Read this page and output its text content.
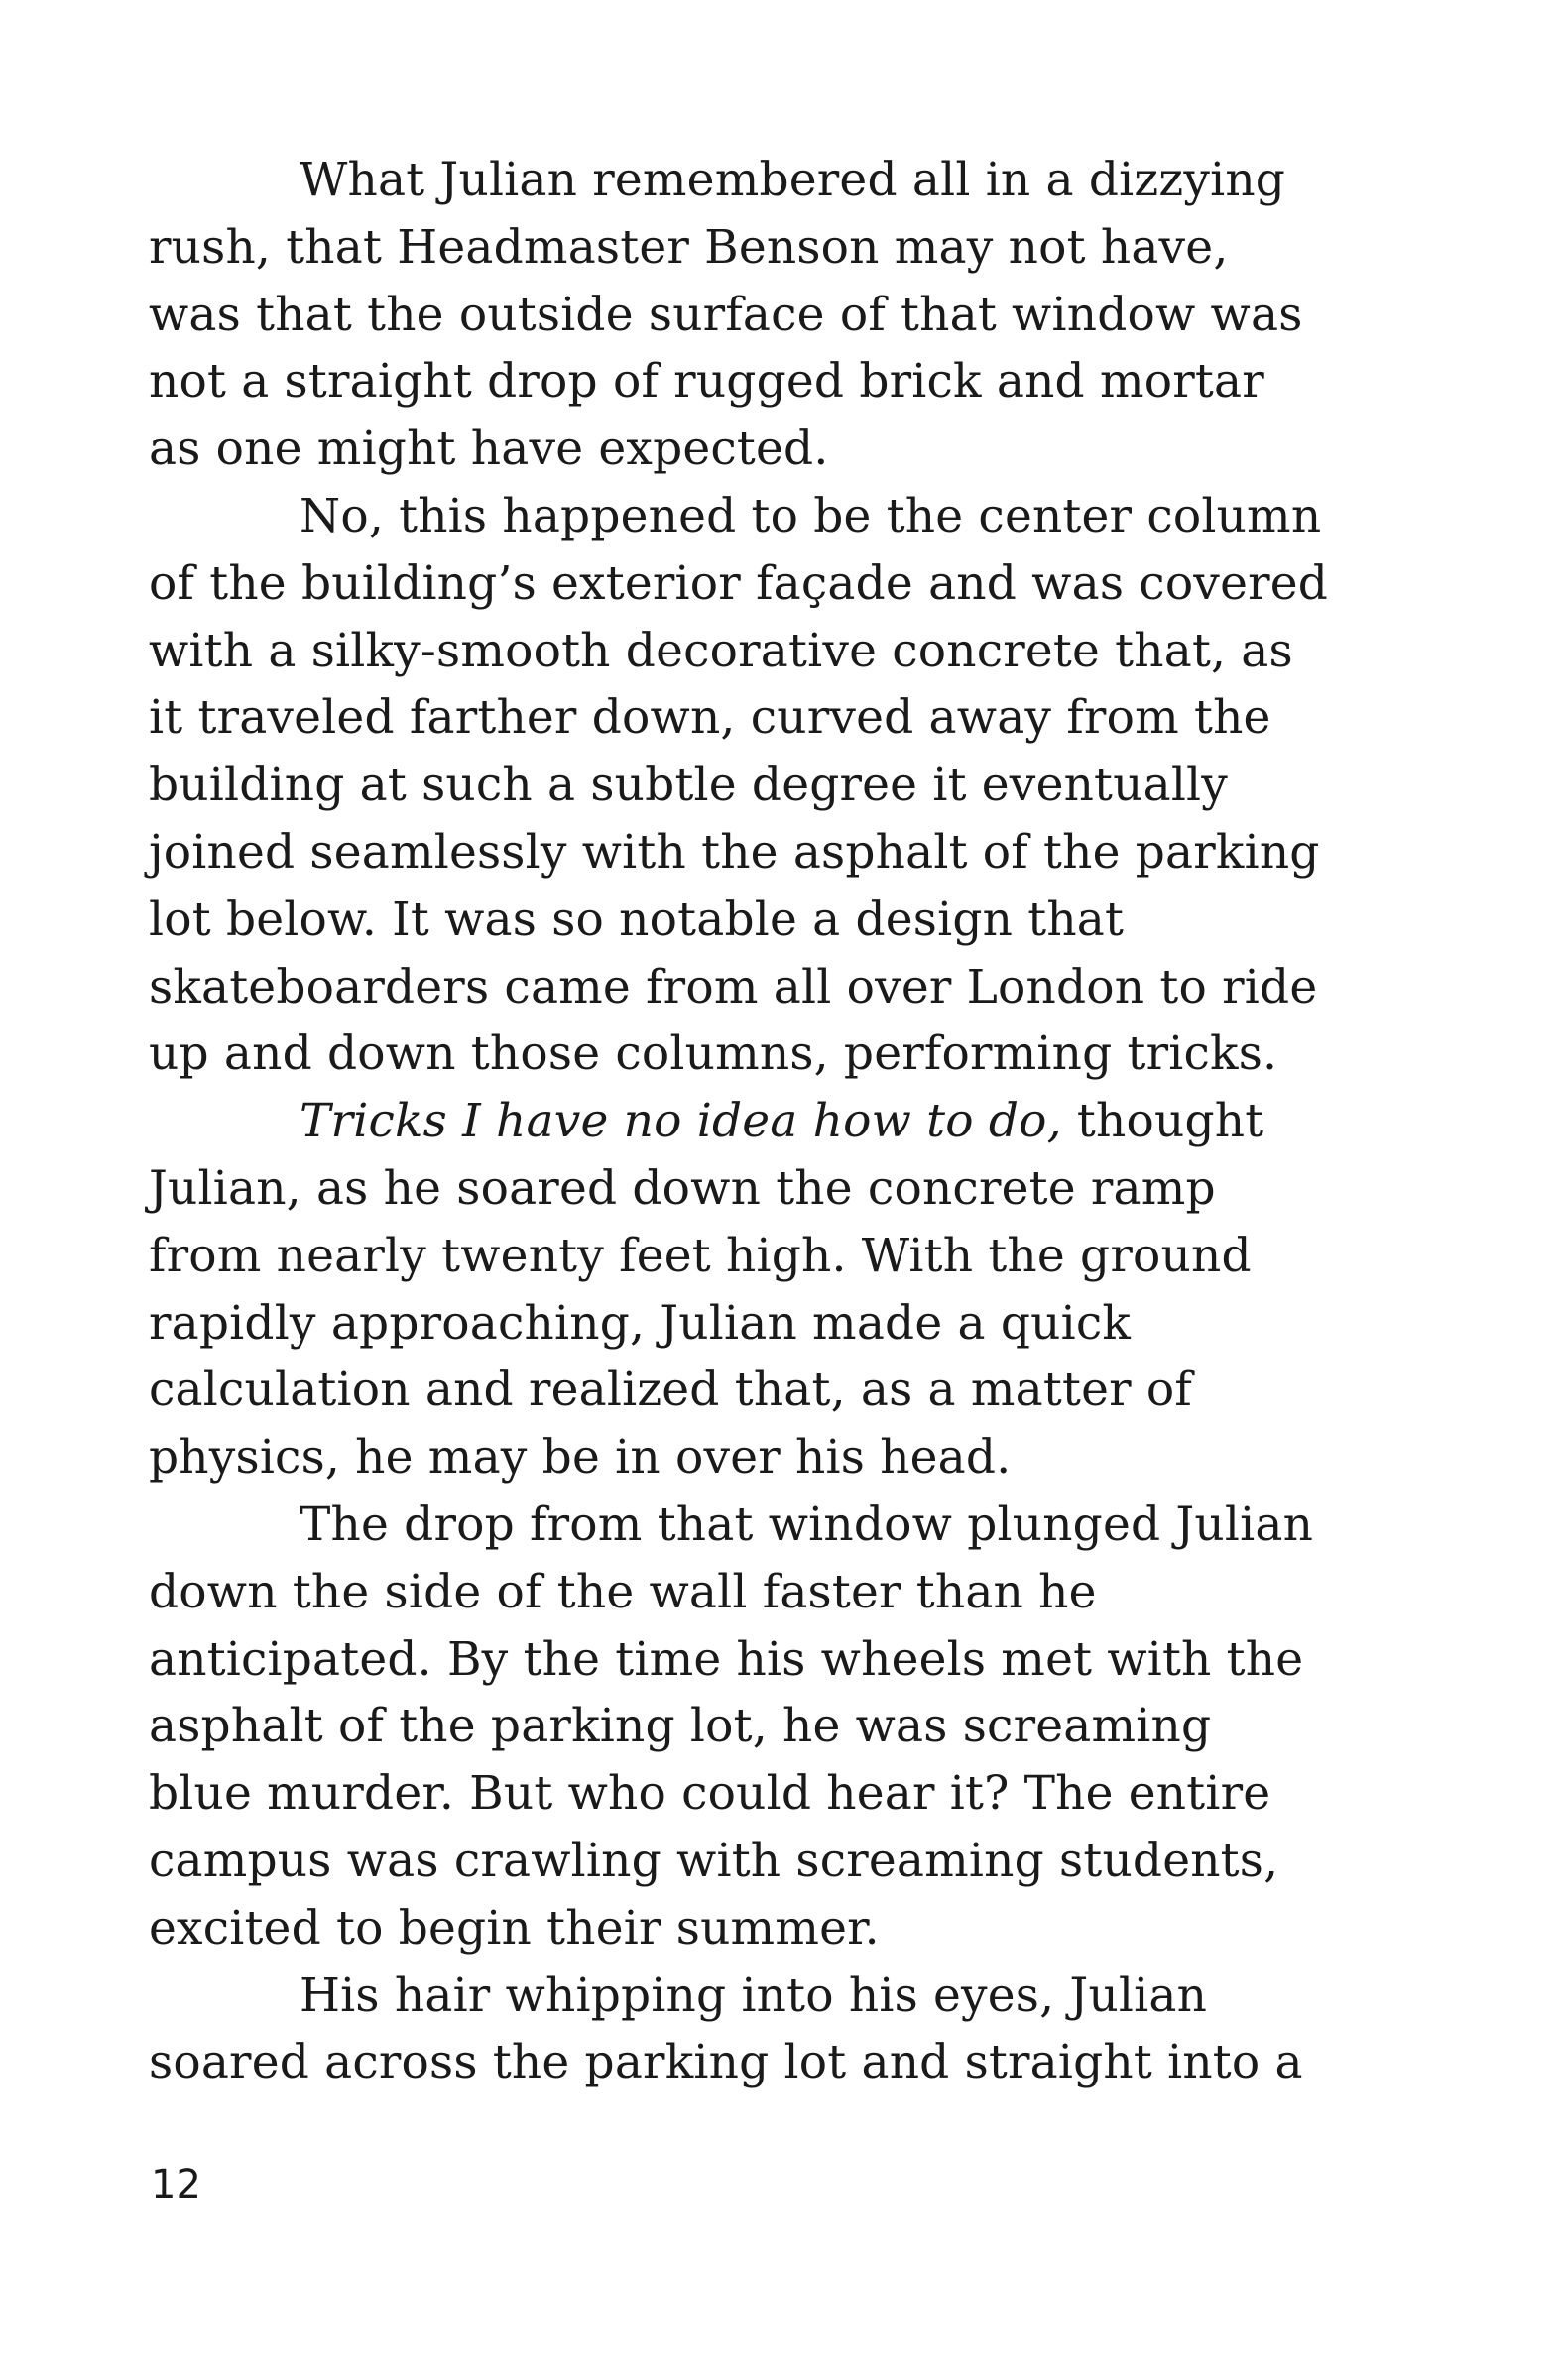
What Julian remembered all in a dizzying
rush, that Headmaster Benson may not have,
was that the outside surface of that window was
not a straight drop of rugged brick and mortar
as one might have expected.
No, this happened to be the center column
of the building’s exterior façade and was covered
with a silky-smooth decorative concrete that, as
it traveled farther down, curved away from the
building at such a subtle degree it eventually
joined seamlessly with the asphalt of the parking
lot below. It was so notable a design that
skateboarders came from all over London to ride
up and down those columns, performing tricks.
Tricks I have no idea how to do, thought
Julian, as he soared down the concrete ramp
from nearly twenty feet high. With the ground
rapidly approaching, Julian made a quick
calculation and realized that, as a matter of
physics, he may be in over his head.
The drop from that window plunged Julian
down the side of the wall faster than he
anticipated. By the time his wheels met with the
asphalt of the parking lot, he was screaming
blue murder. But who could hear it? The entire
campus was crawling with screaming students,
excited to begin their summer.
His hair whipping into his eyes, Julian
soared across the parking lot and straight into a
12
